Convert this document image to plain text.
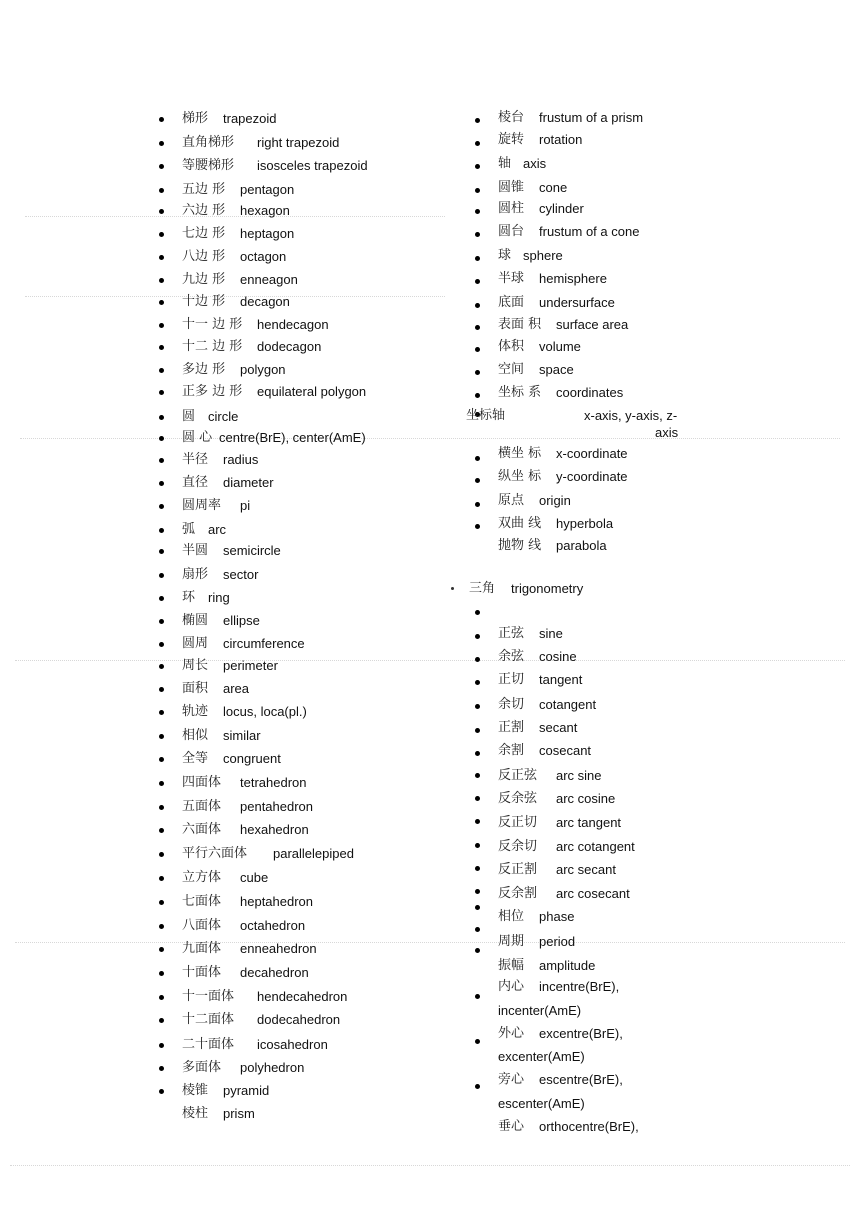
梯形 trapezoid
直角梯形 right trapezoid
等腰梯形 isosceles trapezoid
五边 形 pentagon
六边 形 hexagon
七边 形 heptagon
八边 形 octagon
九边 形 enneagon
十边 形 decagon
十一 边 形 hendecagon
十二 边 形 dodecagon
多边 形 polygon
正多 边 形 equilateral polygon
圆 circle
圆 心 centre(BrE), center(AmE)
半径 radius
直径 diameter
圆周率 pi
弧 arc
半圆 semicircle
扇形 sector
环 ring
椭圆 ellipse
圆周 circumference
周长 perimeter
面积 area
轨迹 locus, loca(pl.)
相似 similar
全等 congruent
四面体 tetrahedron
五面体 pentahedron
六面体 hexahedron
平行六面体 parallelepiped
立方体 cube
七面体 heptahedron
八面体 octahedron
九面体 enneahedron
十面体 decahedron
十一面体 hendecahedron
十二面体 dodecahedron
二十面体 icosahedron
多面体 polyhedron
棱锥 pyramid
棱柱 prism
棱台 frustum of a prism
旋转 rotation
轴 axis
圆锥 cone
圆柱 cylinder
圆台 frustum of a cone
球 sphere
半球 hemisphere
底面 undersurface
表面 积 surface area
体积 volume
空间 space
坐标 系 coordinates
坐标轴	x-axis, y-axis, z-
axis
横坐 标 x-coordinate
纵坐 标 y-coordinate
原点 origin
双曲 线 hyperbola
抛物 线 parabola
三角 trigonometry
正弦 sine
余弦 cosine
正切 tangent
余切 cotangent
正割 secant
余割 cosecant
反正弦 arc sine
反余弦 arc cosine
反正切 arc tangent
反余切 arc cotangent
反正割 arc secant
反余割 arc cosecant
相位 phase
周期 period
振幅 amplitude
内心 incentre(BrE),
incenter(AmE)
外心 excentre(BrE),
excenter(AmE)
旁心 escentre(BrE),
escenter(AmE)
垂心 orthocentre(BrE),
